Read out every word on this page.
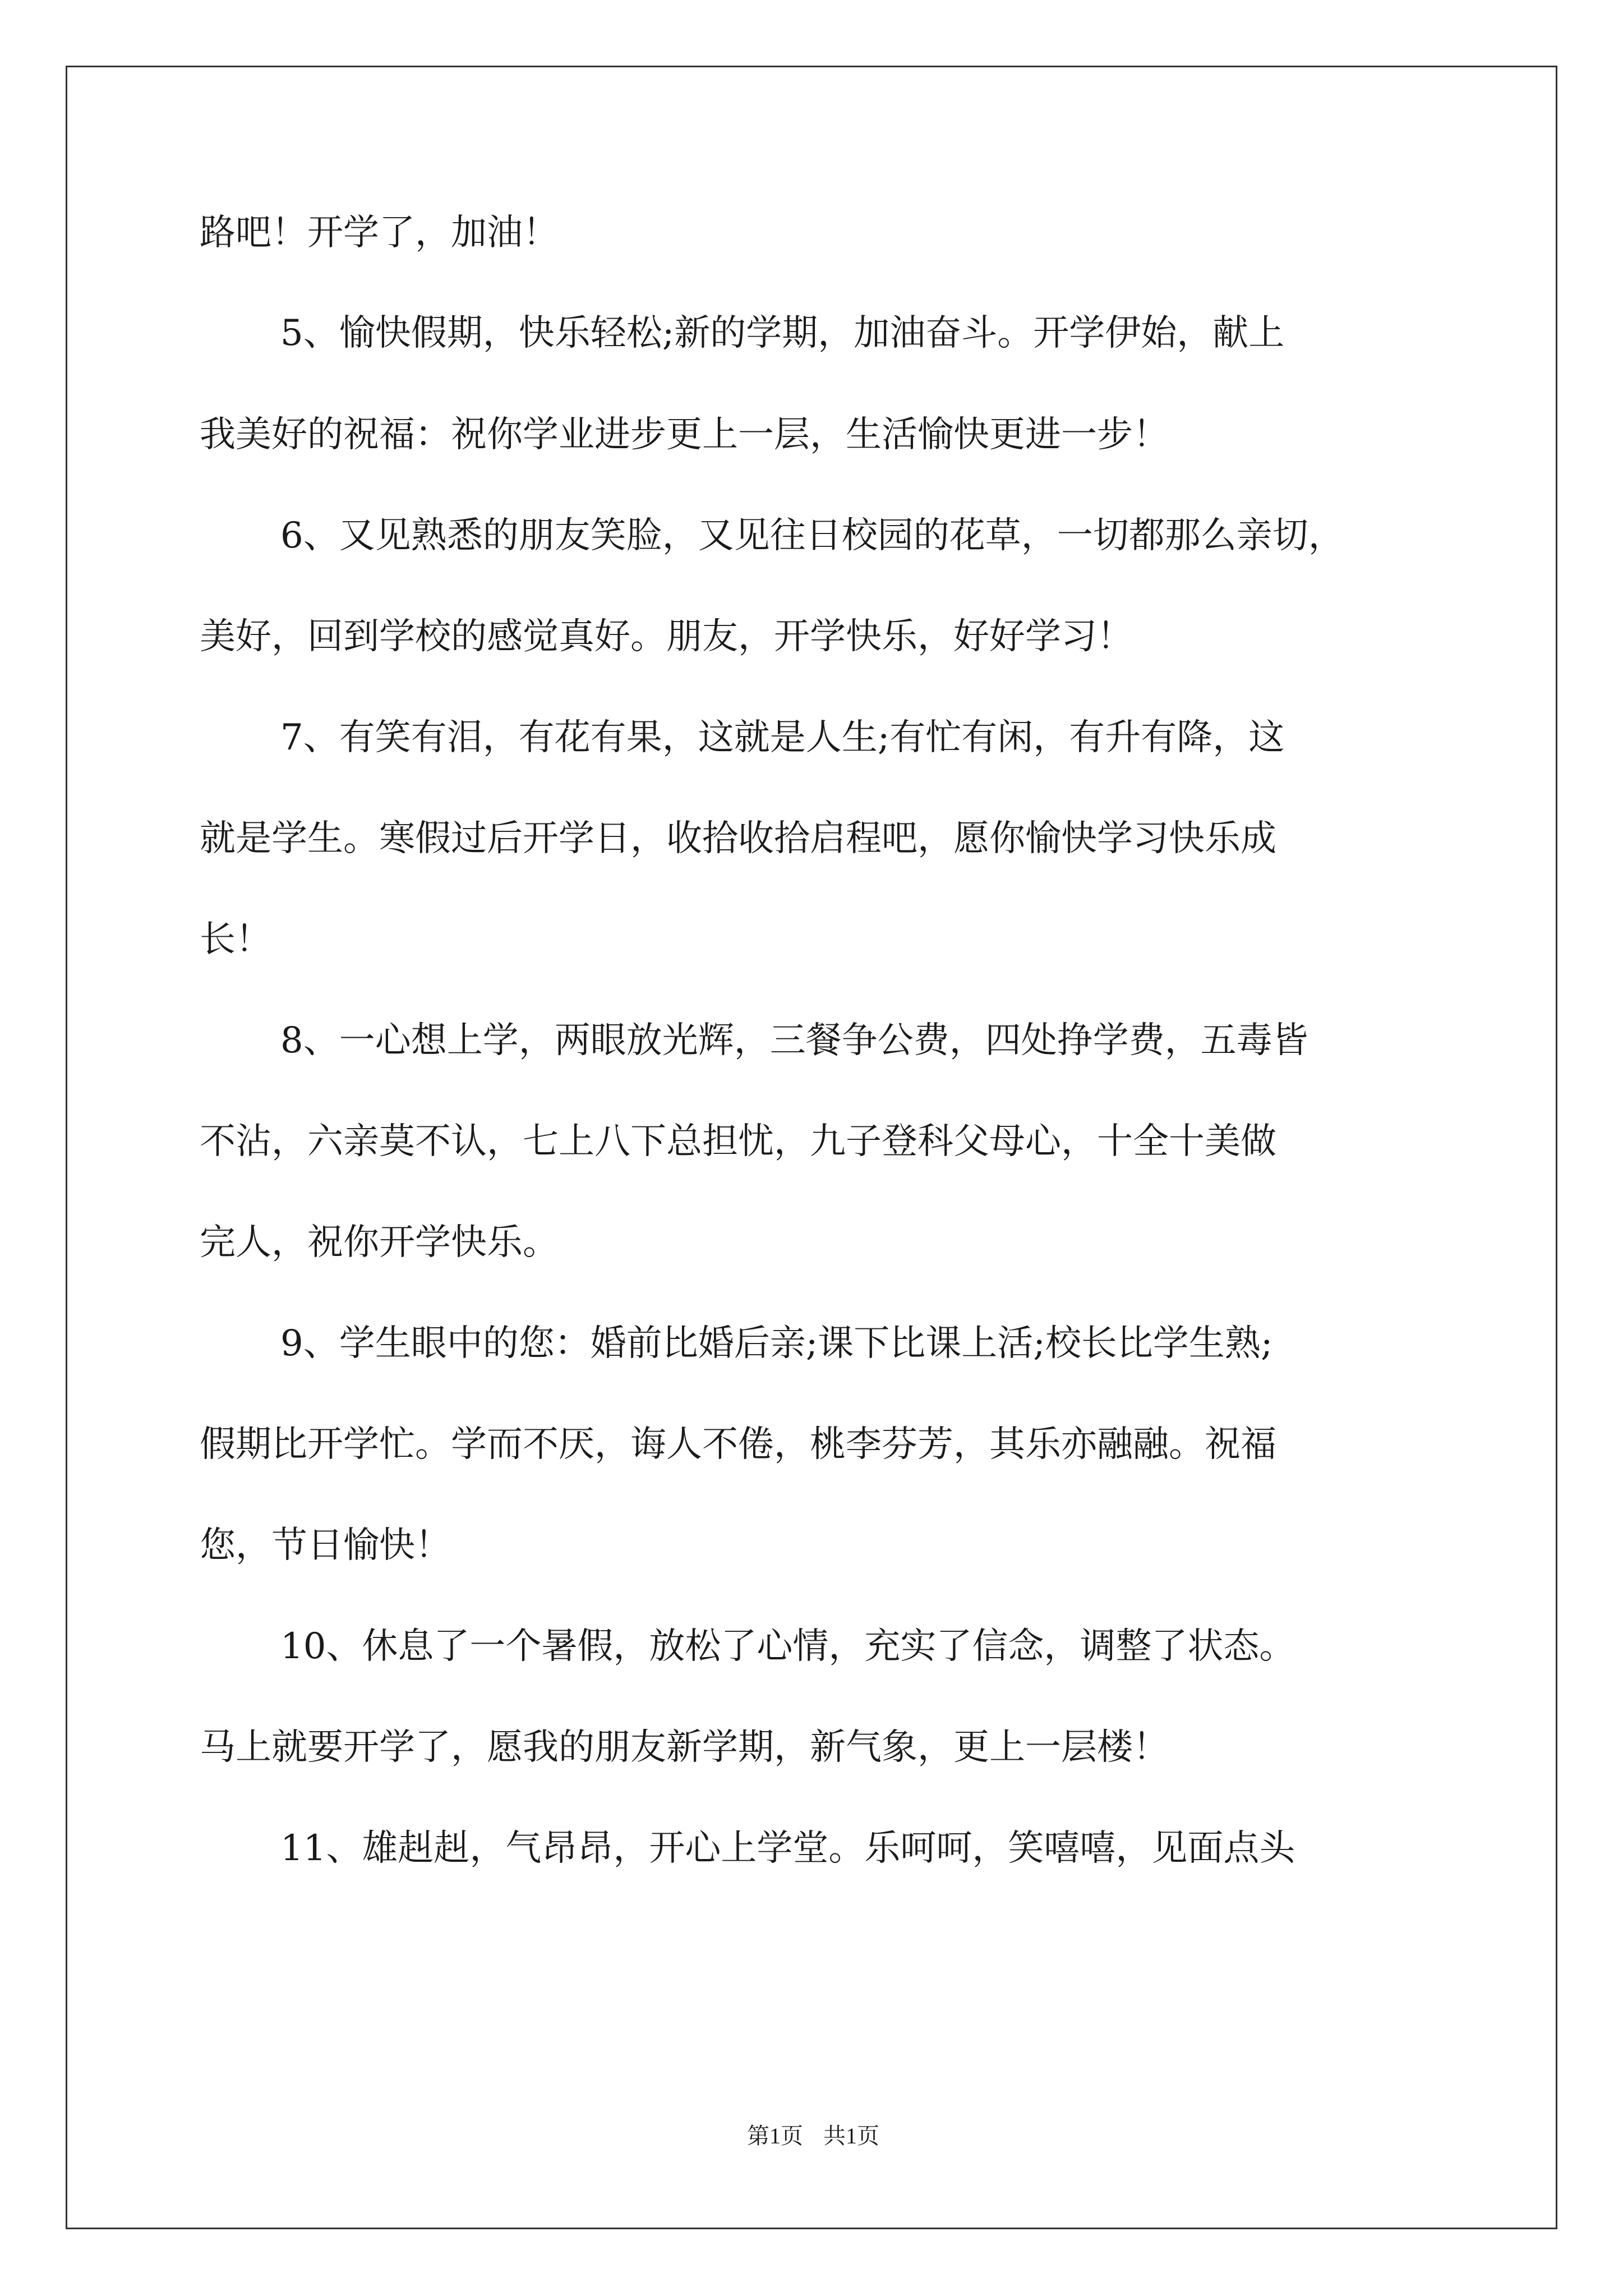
路吧！开学了，加油！
5、愉快假期，快乐轻松;新的学期，加油奋斗。开学伊始，献上
我美好的祝福：祝你学业进步更上一层，生活愉快更进一步！
6、又见熟悉的朋友笑脸，又见往日校园的花草，一切都那么亲切，
美好，回到学校的感觉真好。朋友，开学快乐，好好学习！
7、有笑有泪，有花有果，这就是人生;有忙有闲，有升有降，这
就是学生。寒假过后开学日，收拾收拾启程吧，愿你愉快学习快乐成
长！
8、一心想上学，两眼放光辉，三餐争公费，四处挣学费，五毒皆
不沾，六亲莫不认，七上八下总担忧，九子登科父母心，十全十美做
完人，祝你开学快乐。
9、学生眼中的您：婚前比婚后亲;课下比课上活;校长比学生熟;
假期比开学忙。学而不厌，诲人不倦，桃李芬芳，其乐亦融融。祝福
您，节日愉快！
10、休息了一个暑假，放松了心情，充实了信念，调整了状态。
马上就要开学了，愿我的朋友新学期，新气象，更上一层楼！
11、雄赳赳，气昂昂，开心上学堂。乐呵呵，笑嘻嘻，见面点头
第1页 共1页
